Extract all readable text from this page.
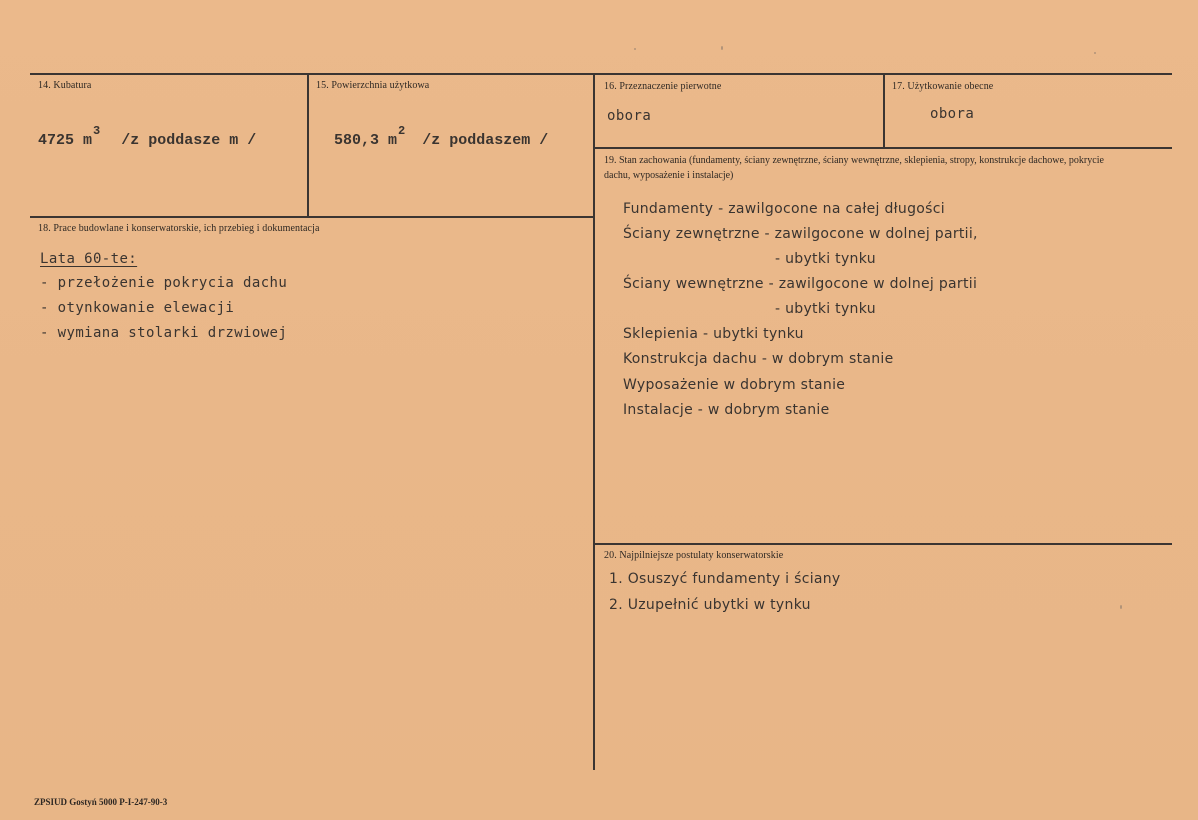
14. Kubatura
4725 $m^3$ /z poddasze m /
15. Powierzchnia użytkowa
580,3 $m^2$ /z poddaszem /
16. Przeznaczenie pierwotne
obora
17. Użytkowanie obecne
obora
18. Prace budowlane i konserwatorskie, ich przebieg i dokumentacja
Lata 60-te:
- przełożenie pokrycia dachu
- otynkowanie elewacji
- wymiana stolarki drzwiowej
19. Stan zachowania (fundamenty, ściany zewnętrzne, ściany wewnętrzne, sklepienia, stropy, konstrukcje dachowe, pokrycie dachu, wyposażenie i instalacje)
Fundamenty - zawilgocone na całej długości
Ściany zewnętrzne - zawilgocone w dolnej partii,
- ubytki tynku
Ściany wewnętrzne - zawilgocone w dolnej partii
- ubytki tynku
Sklepienia - ubytki tynku
Konstrukcja dachu - w dobrym stanie
Wyposażenie w dobrym stanie
Instalacje - w dobrym stanie
20. Najpilniejsze postulaty konserwatorskie
1. Osuszyć fundamenty i ściany
2. Uzupełnić ubytki w tynku
ZPSIUD Gostyń 5000 P-I-247-90-3
